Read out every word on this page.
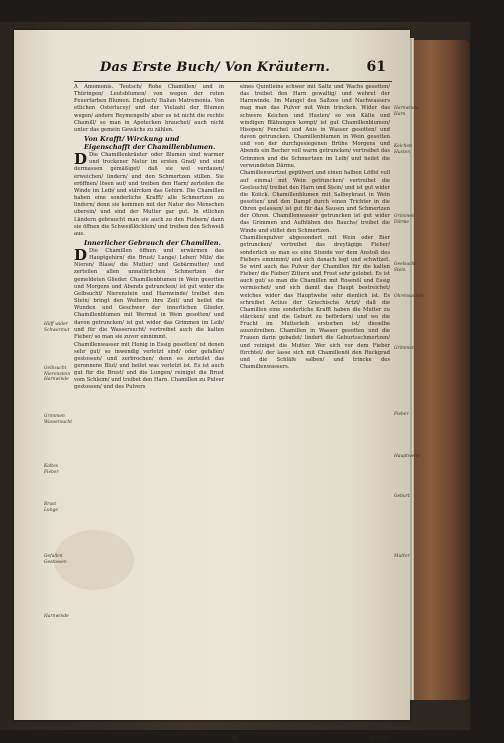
Das Erste Buch/ Von Kräutern.	61
Hilff wider Schwermut
Gelbsucht Nierenstein Harnwinde
Grimmen Wassersucht
Kaltes Fieber
Brust Lunge
Gefallen Gestossen
Harnwinde

A Amomonis. Teutsch/ Rohe Chamillen/ und in Thüringen/ Leutsblumen/ von wegen der roten Feuerfarben Blumen. Englisch/ Italian Matremonia. Von etlichen Osterlucey/ und der Vielzahl der Blumen wegen/ andere Reymengelb/ aber es ist nicht die rechte Chamill/ so man in Apotecken brauchet/ auch nicht unter das gemein Gewächs zu zählen.

Von Krafft/ Wirckung und Eigenschafft der Chamillenblumen.

D Die Chamillenkräuter oder Blumen sind warmer und trockener Natur im ersten Grad/ und sind dermassen gemäßiget/ daß sie wol verdauen/ erweichen/ lindern/ und den Schmertzen stillen. Sie eröffnen/ lösen auf/ und treiben den Harn/ zerteilen die Winde im Leib/ und stärcken das Gehirn. Die Chamillen haben eine sonderliche Krafft/ alle Schmertzen zu lindern/ denn sie kommen mit der Natur des Menschen uberein/ und sind der Mutter gar gut. In etlichen Ländern gebraucht man sie auch zu den Fiebern/ dann sie öffnen die Schweißlöchlein/ und treiben den Schweiß aus.

Innerlicher Gebrauch der Chamillen.

D Die Chamillen öffnen und erwärmen das Hauptgehirn/ die Brust/ Lunge/ Leber/ Milz/ die Nieren/ Blase/ die Mutter/ und Gebärmutter/ und zerteilen allen unnatürlichen Schmertzen der gemeldeten Glieder. Chamillenblumen in Wein gesotten und Morgens und Abends getruncken/ ist gut wider die Gelbsucht/ Nierenstein und Harnwinde/ treibet den Stein/ bringt den Weibern ihre Zeit/ und heilet die Wunden und Geschwer der innerlichen Glieder. Chamillenblumen mit Wermut in Wein gesotten/ und davon getruncken/ ist gut wider das Grimmen im Leib/ und für die Wassersucht/ vertreibet auch die kalten Fieber/ so man sie zuvor einnimmt.

Chamillenwasser mit Honig in Essig gesotten/ ist denen sehr gut/ so inwendig verletzt sind/ oder gefallen/ gestossen/ und zerbrochen/ denn es zerteilet das geronnene Blut/ und heilet was verletzt ist. Es ist auch gut für die Brust/ und die Lungen/ reiniget die Brust vom Schleim/ und treibet den Harn. Chamillen zu Pulver gestossen/ und des Pulvers

eines Quintleins schwer mit Saltz und Wachs gesotten/ das treibet den Harn gewaltig/ und wehret der Harnwinde. Im Mangel des Saltzes und Nachwassers mag man das Pulver mit Wein trincken. Wider das schwere Keichen und Husten/ so von Kälte und windigen Blähungen kompt/ ist gut Chamillenblumen/ Hisopen/ Fenchel und Anis in Wasser gesotten/ und davon getruncken. Chamillenblumen in Wein gesotten und von der durchgesiegenen Brühe Morgens und Abends ein Becher voll warm getruncken/ vertreibet das Grimmen und die Schmertzen im Leib/ und heilet die verwundeten Därme.

Chamillenwurtzel gepülvert und einen halben Löffel voll auf einmal mit Wein getruncken/ vertreibet die Geelsucht/ treibet den Harn und Stein/ und ist gut wider die Kolick. Chamillenblumen mit Salbeykraut in Wein gesotten/ und den Dampf durch einen Trichter in die Ohren gelassen/ ist gut für das Sausen und Schmertzen der Ohren. Chamillenwasser getruncken ist gut wider das Grimmen und Aufblähen des Bauchs/ treibet die Winde und stillet den Schmertzen.

Chamillenpulver abgesondert mit Wein oder Bier getruncken/ vertreibet das dreytägige Fieber/ sonderlich so man es eine Stunde vor dem Anstoß des Fiebers einnimmt/ und sich danach legt und schwitzet. So wird auch das Pulver der Chamillen für die kalten Fieber/ die Fieber/ Zittern und Frost sehr gelobet. Es ist auch gut/ so man die Chamillen mit Rosenöl und Essig vermischet/ und sich damit das Haupt bestreichet/ welches wider das Hauptwehe sehr dienlich ist. Es schreibet Actius der Griechische Artzt/ daß die Chamillen eine sonderliche Krafft haben die Mutter zu stärcken/ und die Geburt zu befördern/ und wo die Frucht im Mutterleib erstorben ist/ dieselbe auszutreiben. Chamillen in Wasser gesotten und die Frauen darin gebadet/ lindert die Geburtsschmertzen/ und reiniget die Mutter. Wer sich vor dem Fieber fürchtet/ der lasse sich mit Chamillenöl den Ruckgrad und die Schläfe salben/ und trincke des Chamillenwassers.

Harnwinde Harn
Keichen Husten
Grimmen Därme
Geelsucht Stein
Ohrensausen
Grimmen
Fieber
Hauptwehe
Geburt
Mutter
H	fendet
